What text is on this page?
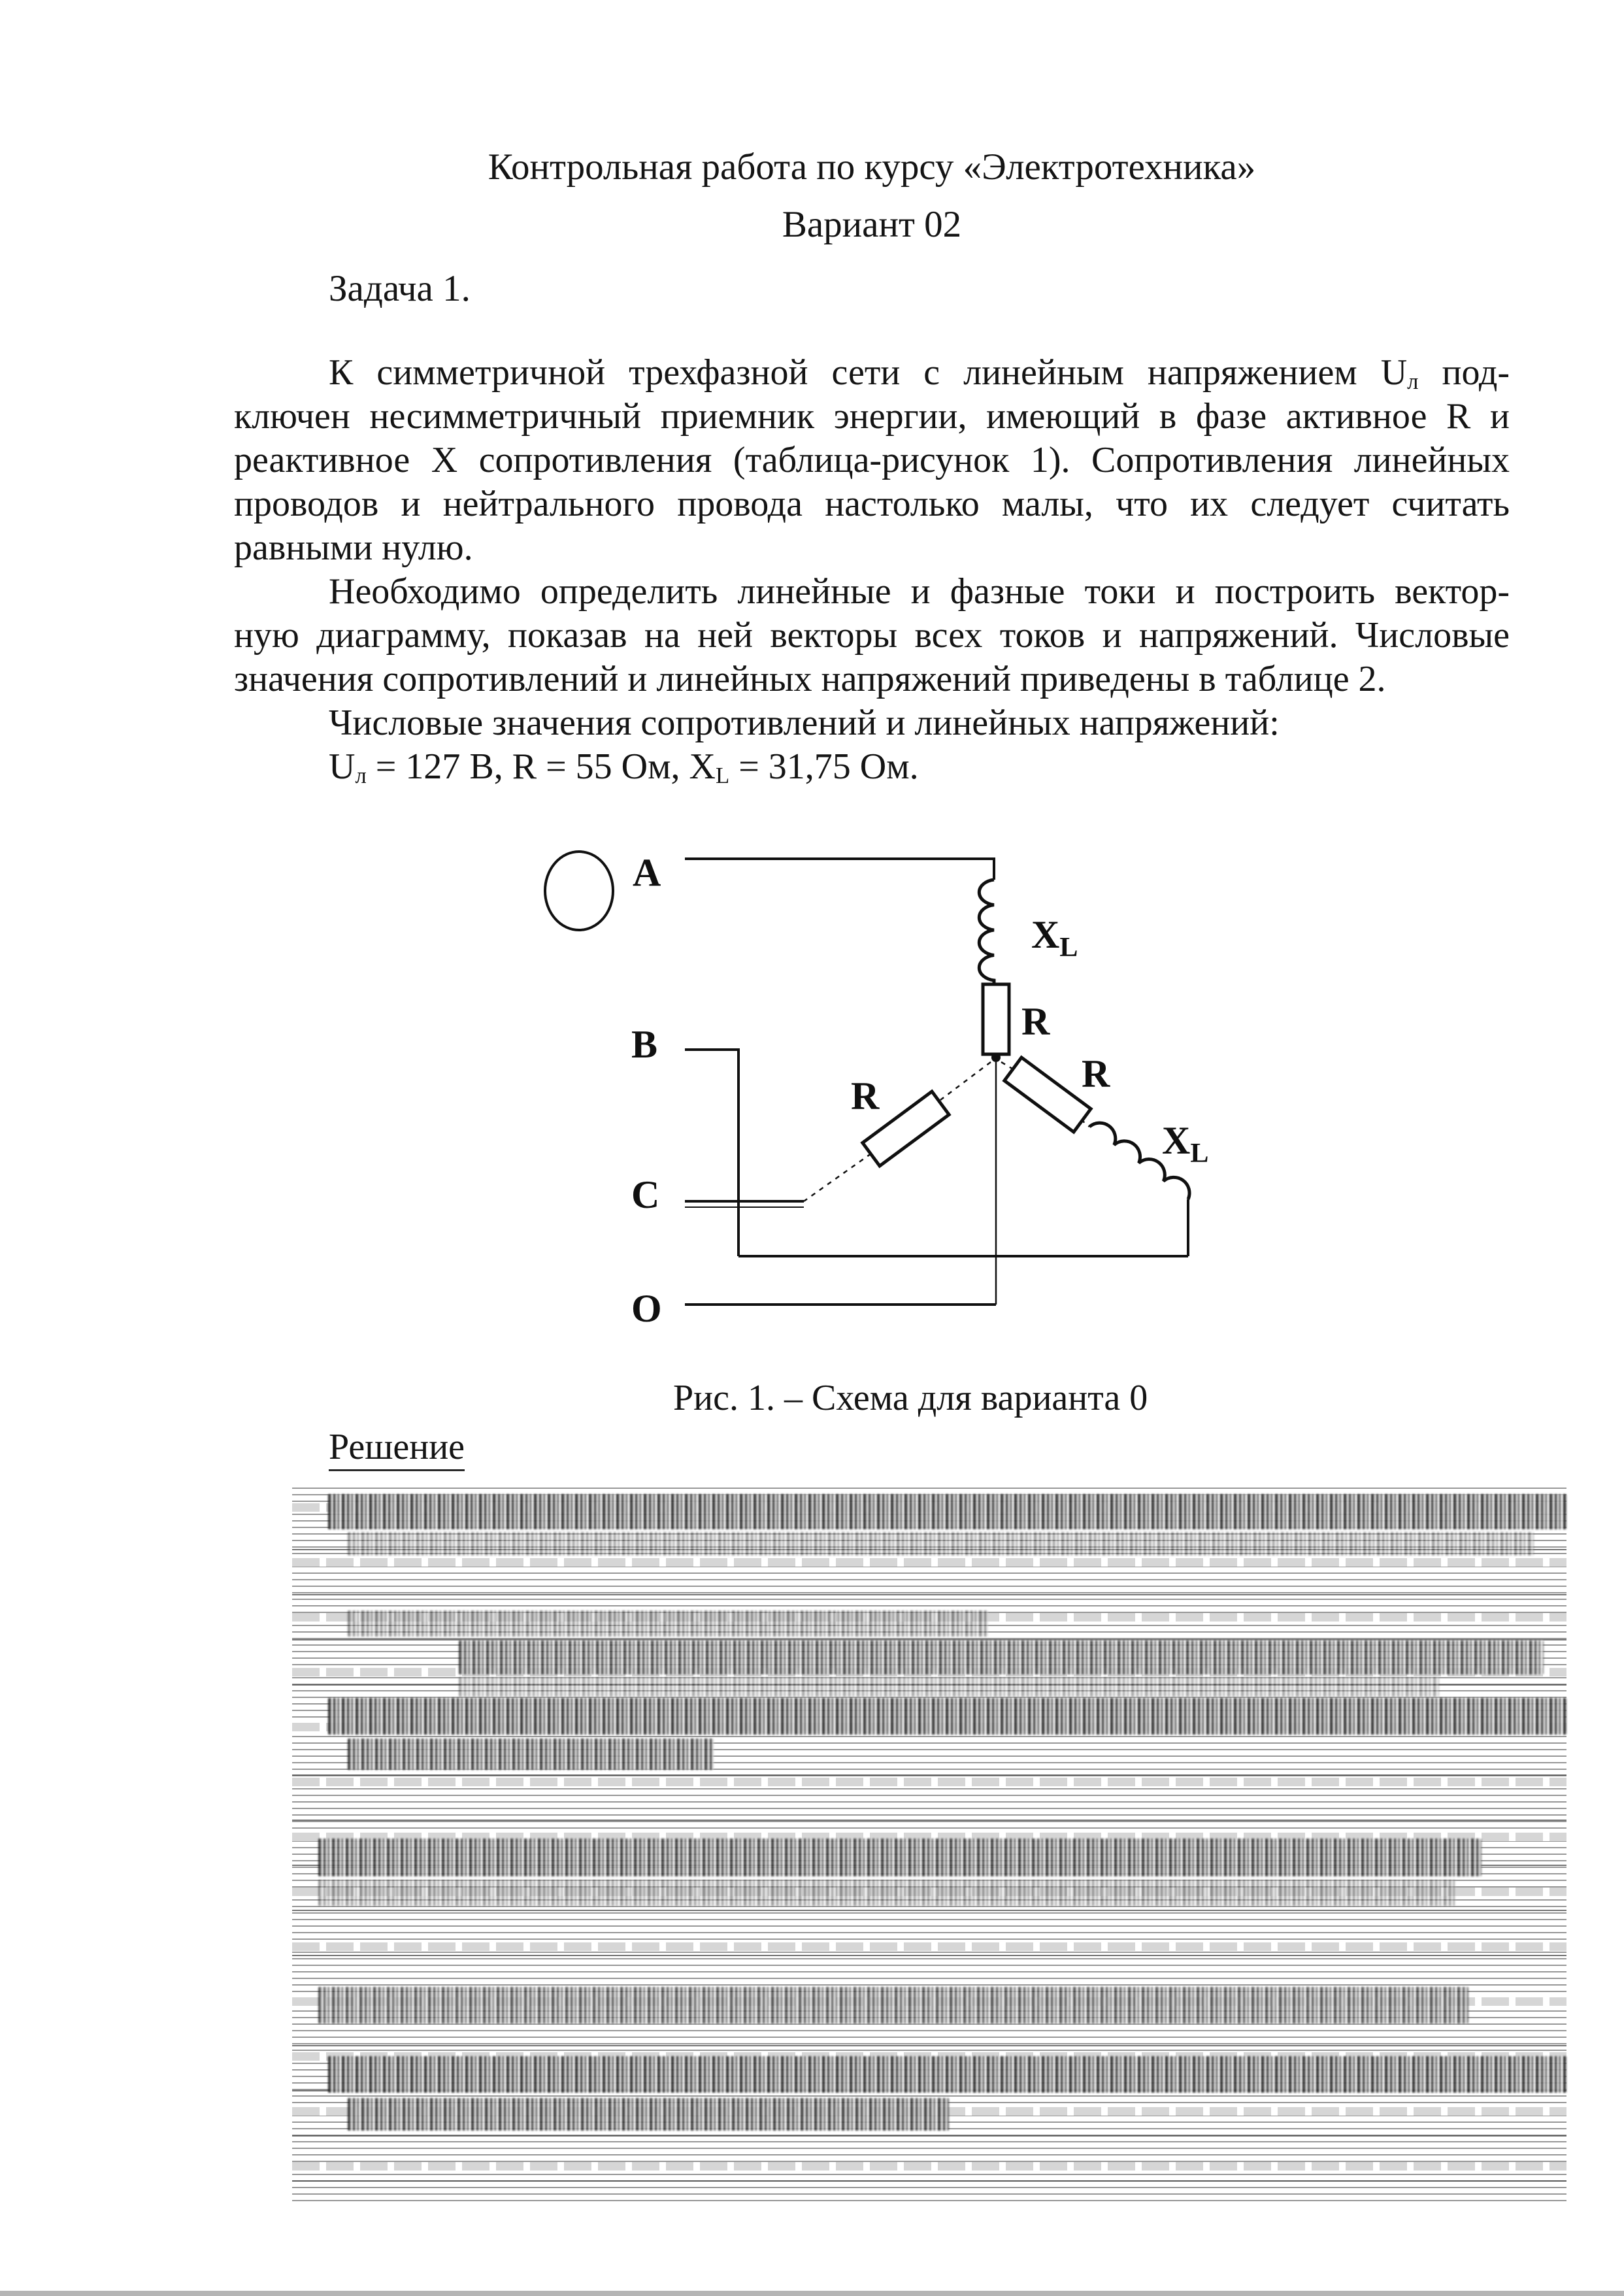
Контрольная работа по курсу «Электротехника»
Вариант 02
Задача 1.
К симметричной трехфазной сети с линейным напряжением $U_л$ под-
ключен несимметричный приемник энергии, имеющий в фазе активное R и
реактивное X сопротивления (таблица-рисунок 1). Сопротивления линейных
проводов и нейтрального провода настолько малы, что их следует считать
равными нулю.
Необходимо определить линейные и фазные токи и построить вектор-
ную диаграмму, показав на ней векторы всех токов и напряжений. Числовые
значения сопротивлений и линейных напряжений приведены в таблице 2.
Числовые значения сопротивлений и линейных напряжений:
$U_л = 127$ В, R = 55 Ом, $X_L = 31,75$ Ом.
A
B
C
O
$X_L$
R
R
R
$X_L$
Рис. 1. – Схема для варианта 0
Решение
